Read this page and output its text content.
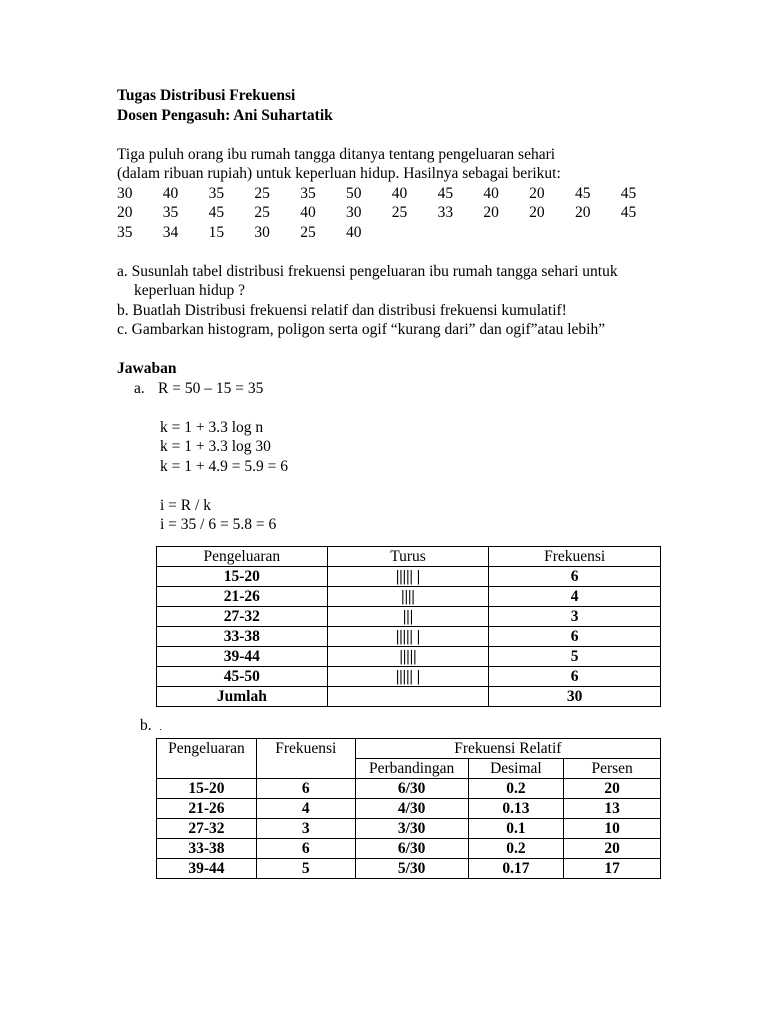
Tugas Distribusi Frekuensi
Dosen Pengasuh: Ani Suhartatik
Tiga puluh orang ibu rumah tangga ditanya tentang pengeluaran sehari
(dalam ribuan rupiah) untuk keperluan hidup. Hasilnya sebagai berikut:
30	40	35	25	35	50	40	45	40	20	45	45
20	35	45	25	40	30	25	33	20	20	20	45
35	34	15	30	25	40
a. Susunlah tabel distribusi frekuensi pengeluaran ibu rumah tangga sehari untuk keperluan hidup ?
b. Buatlah Distribusi frekuensi relatif dan distribusi frekuensi kumulatif!
c. Gambarkan histogram, poligon serta ogif “kurang dari” dan ogif”atau lebih”
Jawaban
a. R = 50 – 15 = 35
k = 1 + 3.3 log n
k = 1 + 3.3 log 30
k = 1 + 4.9 = 5.9 = 6
i = R / k
i = 35 / 6 = 5.8 = 6
Pengeluaran	Turus	Frekuensi
15-20	||||| |	6
21-26	||||	4
27-32	|||	3
33-38	||||| |	6
39-44	|||||	5
45-50	||||| |	6
Jumlah		30
b. .
Pengeluaran	Frekuensi	Frekuensi Relatif		
		Perbandingan	Desimal	Persen
15-20	6	6/30	0.2	20
21-26	4	4/30	0.13	13
27-32	3	3/30	0.1	10
33-38	6	6/30	0.2	20
39-44	5	5/30	0.17	17
